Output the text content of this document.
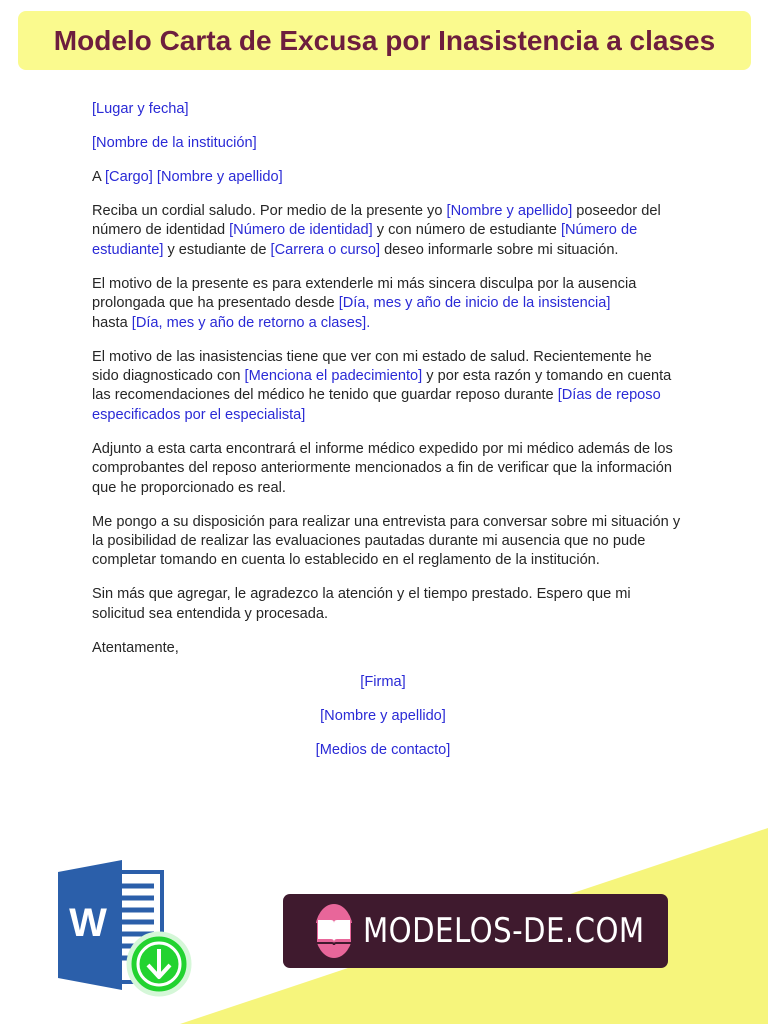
Modelo Carta de Excusa por Inasistencia a clases

[Lugar y fecha]

[Nombre de la institución]

A [Cargo] [Nombre y apellido]

Reciba un cordial saludo. Por medio de la presente yo [Nombre y apellido] poseedor del número de identidad [Número de identidad] y con número de estudiante [Número de estudiante] y estudiante de [Carrera o curso] deseo informarle sobre mi situación.

El motivo de la presente es para extenderle mi más sincera disculpa por la ausencia prolongada que ha presentado desde [Día, mes y año de inicio de la insistencia]
hasta [Día, mes y año de retorno a clases].

El motivo de las inasistencias tiene que ver con mi estado de salud. Recientemente he sido diagnosticado con [Menciona el padecimiento] y por esta razón y tomando en cuenta las recomendaciones del médico he tenido que guardar reposo durante [Días de reposo especificados por el especialista]

Adjunto a esta carta encontrará el informe médico expedido por mi médico además de los comprobantes del reposo anteriormente mencionados a fin de verificar que la información que he proporcionado es real.

Me pongo a su disposición para realizar una entrevista para conversar sobre mi situación y la posibilidad de realizar las evaluaciones pautadas durante mi ausencia que no pude completar tomando en cuenta lo establecido en el reglamento de la institución.

Sin más que agregar, le agradezco la atención y el tiempo prestado. Espero que mi solicitud sea entendida y procesada.

Atentamente,

[Firma]

[Nombre y apellido]

[Medios de contacto]

W	MODELOS-DE.COM
